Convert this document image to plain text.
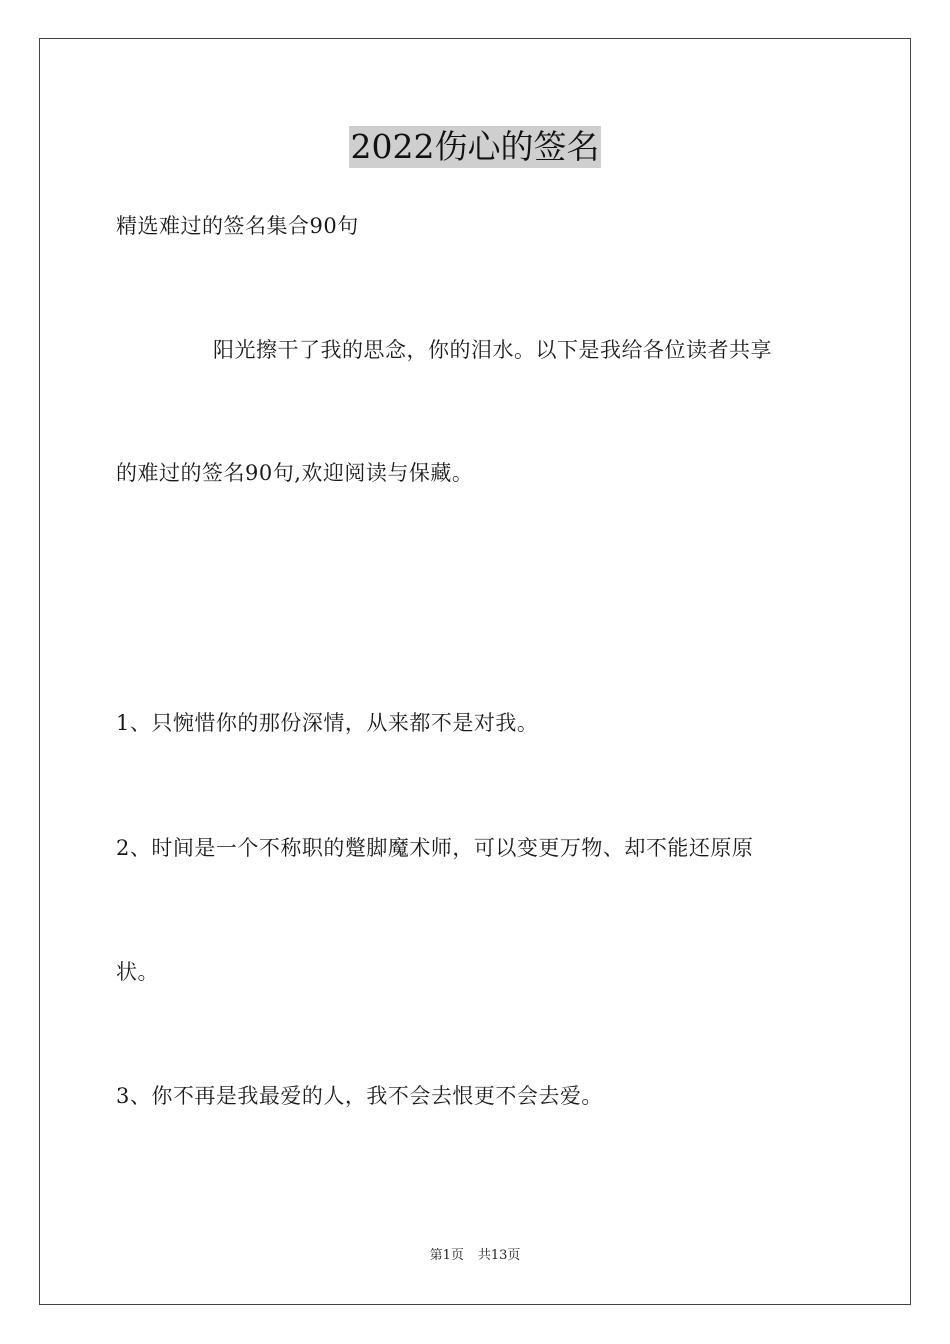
2022伤心的签名
精选难过的签名集合90句
阳光擦干了我的思念，你的泪水。以下是我给各位读者共享
的难过的签名90句,欢迎阅读与保藏。
1、只惋惜你的那份深情，从来都不是对我。
2、时间是一个不称职的蹩脚魔术师，可以变更万物、却不能还原原
状。
3、你不再是我最爱的人，我不会去恨更不会去爱。
第1页 共13页
